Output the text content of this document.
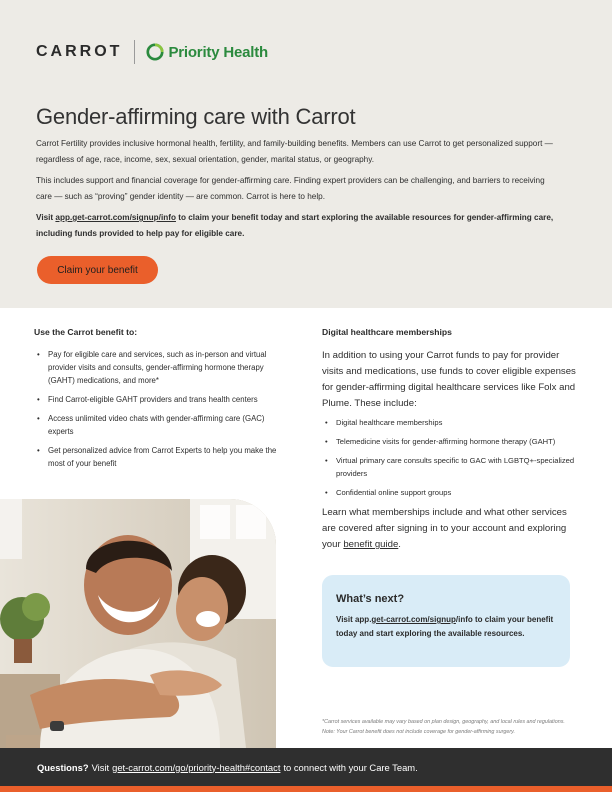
CARROT	Priority Health
Gender-affirming care with Carrot

Carrot Fertility provides inclusive hormonal health, fertility, and family-building benefits. Members can use Carrot to get personalized support — regardless of age, race, income, sex, sexual orientation, gender, marital status, or geography.

This includes support and financial coverage for gender-affirming care. Finding expert providers can be challenging, and barriers to receiving care — such as “proving” gender identity — are common. Carrot is here to help.

Visit app.get-carrot.com/signup/info to claim your benefit today and start exploring the available resources for gender-affirming care, including funds provided to help pay for eligible care.

Claim your benefit
Use the Carrot benefit to:
• Pay for eligible care and services, such as in-person and virtual provider visits and consults, gender-affirming hormone therapy (GAHT) medications, and more*
• Find Carrot-eligible GAHT providers and trans health centers
• Access unlimited video chats with gender-affirming care (GAC) experts
• Get personalized advice from Carrot Experts to help you make the most of your benefit
Digital healthcare memberships

In addition to using your Carrot funds to pay for provider visits and medications, use funds to cover eligible expenses for gender-affirming digital healthcare services like Folx and Plume. These include:

• Digital healthcare memberships
• Telemedicine visits for gender-affirming hormone therapy (GAHT)
• Virtual primary care consults specific to GAC with LGBTQ+-specialized providers
• Confidential online support groups

Learn what memberships include and what other services are covered after signing in to your account and exploring your benefit guide.

What’s next?

Visit app.get-carrot.com/signup/info to claim your benefit today and start exploring the available resources.

*Carrot services available may vary based on plan design, geography, and local rules and regulations.
Note: Your Carrot benefit does not include coverage for gender-affirming surgery.
Questions? Visit get-carrot.com/go/priority-health#contact to connect with your Care Team.
